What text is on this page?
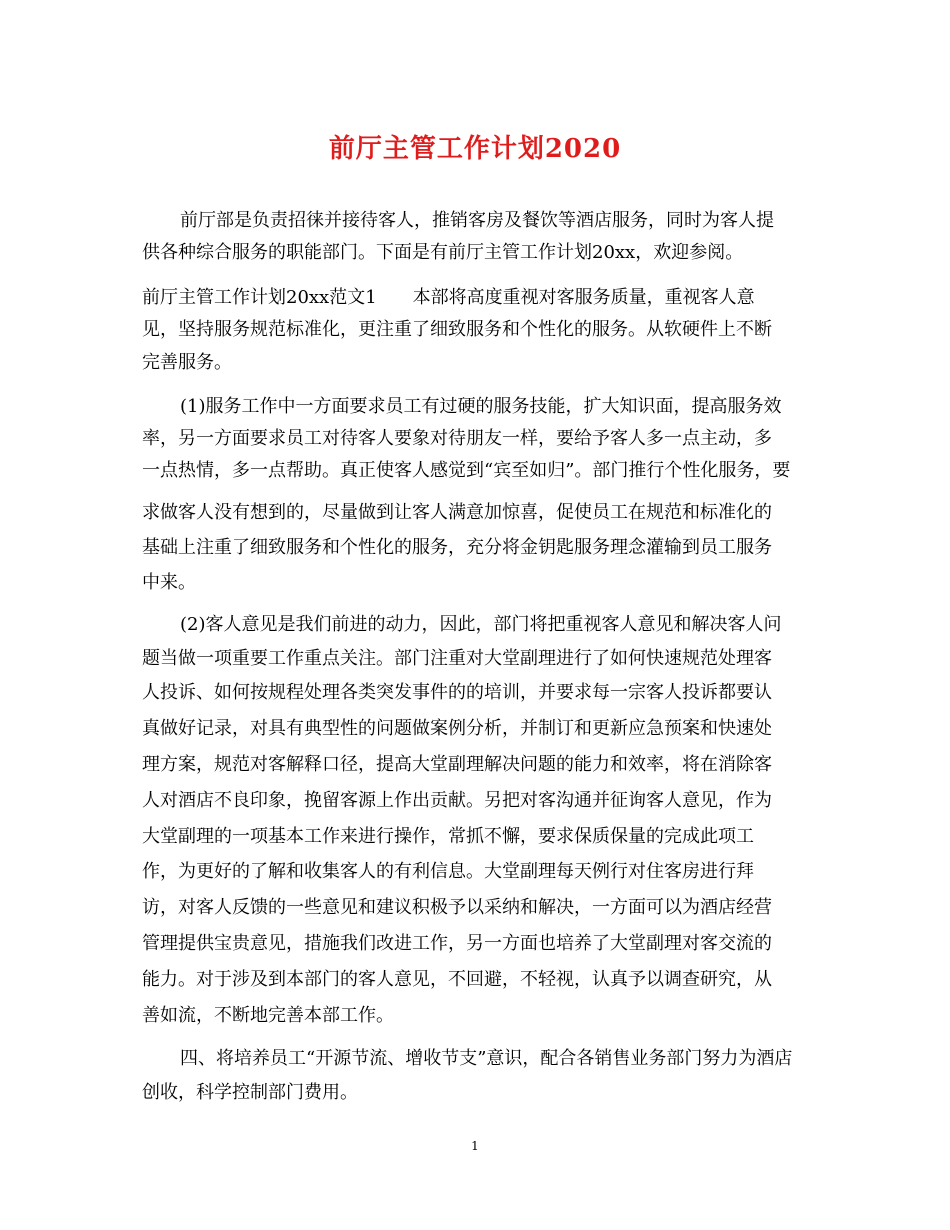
前厅主管工作计划2020

前厅部是负责招徕并接待客人，推销客房及餐饮等酒店服务，同时为客人提

供各种综合服务的职能部门。下面是有前厅主管工作计划20xx，欢迎参阅。

前厅主管工作计划20xx范文1　　本部将高度重视对客服务质量，重视客人意

见，坚持服务规范标准化，更注重了细致服务和个性化的服务。从软硬件上不断

完善服务。

(1)服务工作中一方面要求员工有过硬的服务技能，扩大知识面，提高服务效

率，另一方面要求员工对待客人要象对待朋友一样，要给予客人多一点主动，多

一点热情，多一点帮助。真正使客人感觉到“宾至如归”。部门推行个性化服务，要

求做客人没有想到的，尽量做到让客人满意加惊喜，促使员工在规范和标准化的

基础上注重了细致服务和个性化的服务，充分将金钥匙服务理念灌输到员工服务

中来。

(2)客人意见是我们前进的动力，因此，部门将把重视客人意见和解决客人问

题当做一项重要工作重点关注。部门注重对大堂副理进行了如何快速规范处理客

人投诉、如何按规程处理各类突发事件的的培训，并要求每一宗客人投诉都要认

真做好记录，对具有典型性的问题做案例分析，并制订和更新应急预案和快速处

理方案，规范对客解释口径，提高大堂副理解决问题的能力和效率，将在消除客

人对酒店不良印象，挽留客源上作出贡献。另把对客沟通并征询客人意见，作为

大堂副理的一项基本工作来进行操作，常抓不懈，要求保质保量的完成此项工

作，为更好的了解和收集客人的有利信息。大堂副理每天例行对住客房进行拜

访，对客人反馈的一些意见和建议积极予以采纳和解决，一方面可以为酒店经营

管理提供宝贵意见，措施我们改进工作，另一方面也培养了大堂副理对客交流的

能力。对于涉及到本部门的客人意见，不回避，不轻视，认真予以调查研究，从

善如流，不断地完善本部工作。

四、将培养员工“开源节流、增收节支”意识，配合各销售业务部门努力为酒店

创收，科学控制部门费用。

1
